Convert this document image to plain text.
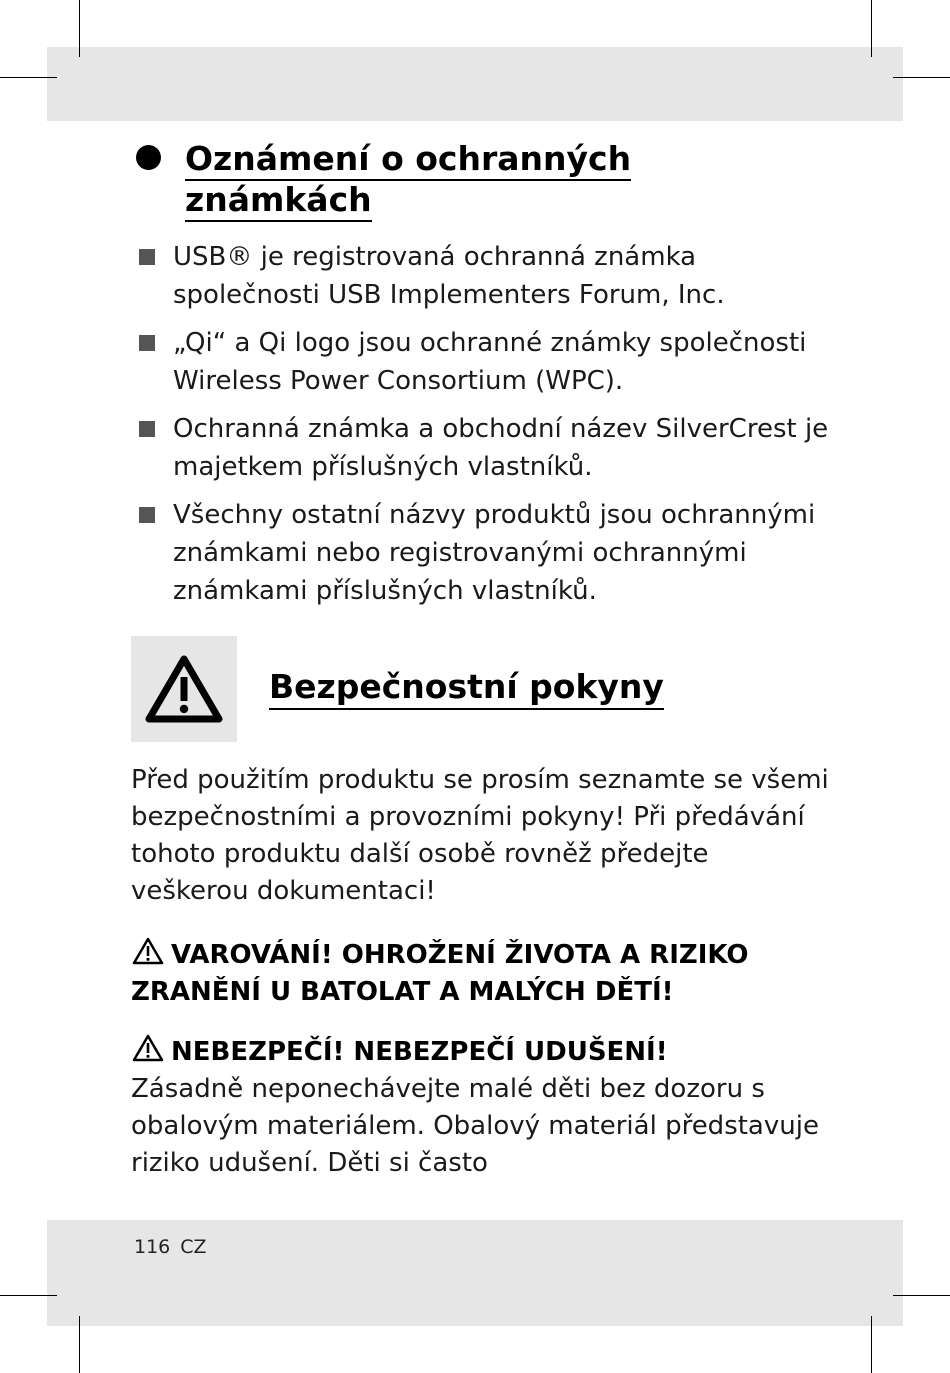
Oznámení o ochranných
známkách
USB® je registrovaná ochranná známka společnosti USB Implementers Forum, Inc.
„Qi“ a Qi logo jsou ochranné známky společnosti Wireless Power Consortium (WPC).
Ochranná známka a obchodní název SilverCrest je majetkem příslušných vlastníků.
Všechny ostatní názvy produktů jsou ochrannými známkami nebo registrovanými ochrannými známkami příslušných vlastníků.
Bezpečnostní pokyny

Před použitím produktu se prosím seznamte se všemi bezpečnostními a provozními pokyny! Při předávání tohoto produktu další osobě rovněž předejte veškerou dokumentaci!

VAROVÁNÍ! OHROŽENÍ ŽIVOTA A RIZIKO ZRANĚNÍ U BATOLAT A MALÝCH DĚTÍ!
NEBEZPEČÍ! NEBEZPEČÍ UDUŠENÍ!

Zásadně neponechávejte malé děti bez dozoru s obalovým materiálem. Obalový materiál představuje riziko udušení. Děti si často

116 CZ
